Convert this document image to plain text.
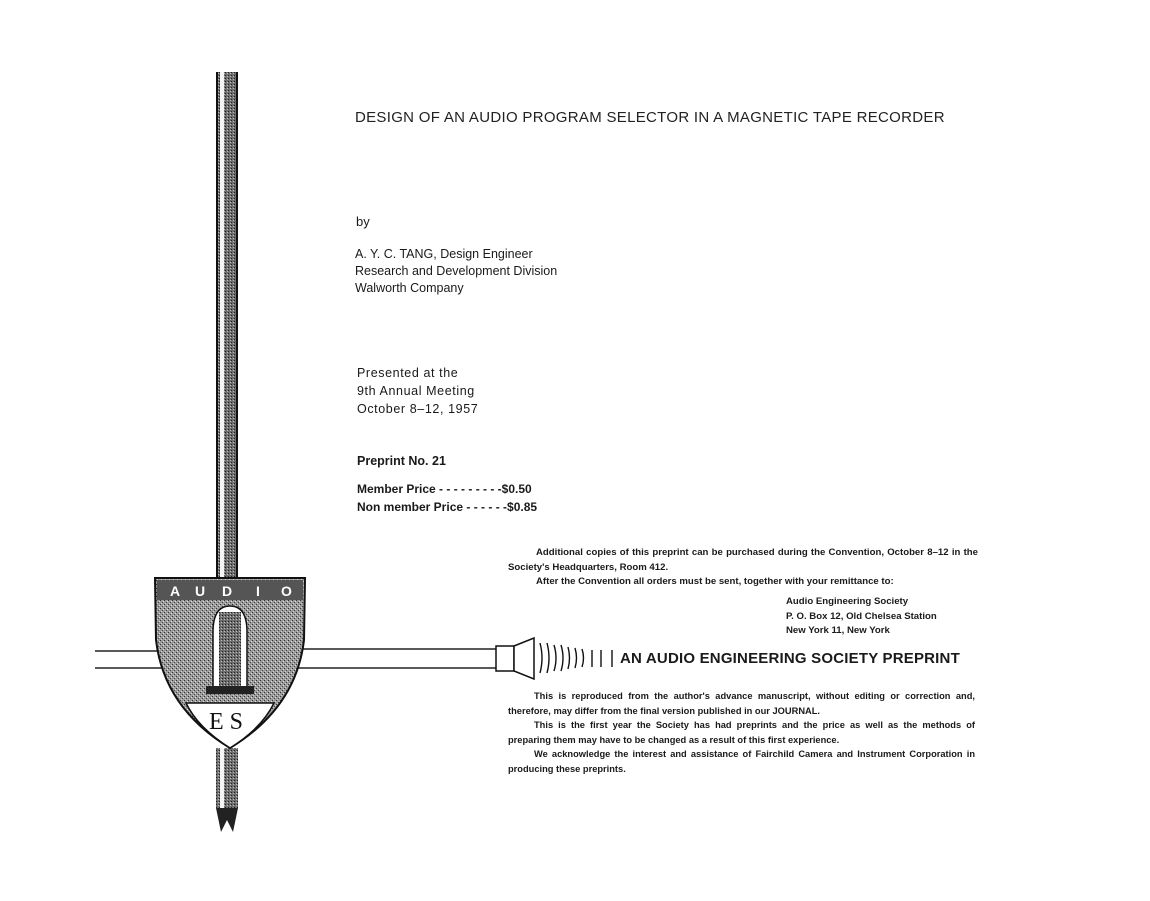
A U D I O
E S
DESIGN OF AN AUDIO PROGRAM SELECTOR IN A MAGNETIC TAPE RECORDER
by
A. Y. C. TANG, Design Engineer
Research and Development Division
Walworth Company
Presented at the
9th Annual Meeting
October 8–12, 1957
Preprint No. 21
Member Price - - - - - - - - -$0.50
Non member Price - - - - - -$0.85

Additional copies of this preprint can be purchased during the Convention, October 8–12 in the Society's Headquarters, Room 412.

After the Convention all orders must be sent, together with your remittance to:

Audio Engineering Society
P. O. Box 12, Old Chelsea Station
New York 11, New York
AN AUDIO ENGINEERING SOCIETY PREPRINT

This is reproduced from the author's advance manuscript, without editing or correction and, therefore, may differ from the final version published in our JOURNAL.

This is the first year the Society has had preprints and the price as well as the methods of preparing them may have to be changed as a result of this first experience.

We acknowledge the interest and assistance of Fairchild Camera and Instrument Corporation in producing these preprints.
